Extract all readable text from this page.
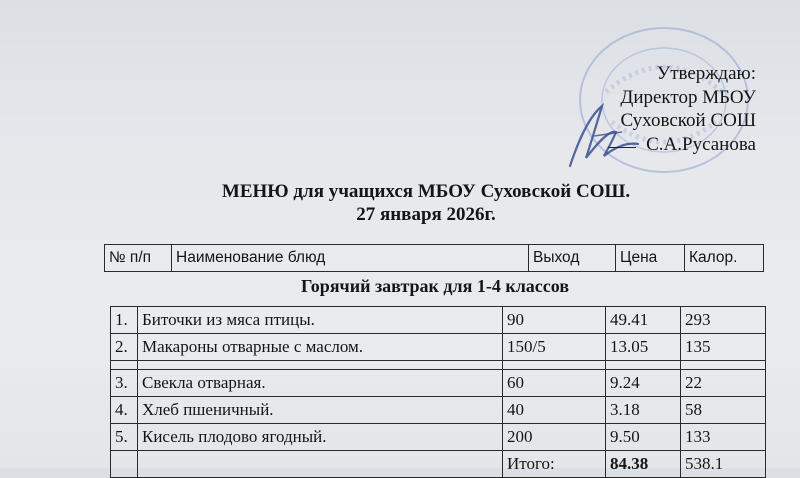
Утверждаю:
Директор МБОУ
Суховской СОШ
С.А.Русанова
МЕНЮ для учащихся МБОУ Суховской СОШ.
27 января 2026г.
№ п/п	Наименование блюд	Выход	Цена	Калор.
Горячий завтрак для 1-4 классов
1.	Биточки из мяса птицы.	90	49.41	293
2.	Макароны отварные с маслом.	150/5	13.05	135

3.	Свекла отварная.	60	9.24	22
4.	Хлеб пшеничный.	40	3.18	58
5.	Кисель плодово ягодный.	200	9.50	133
		Итого:	84.38	538.1
